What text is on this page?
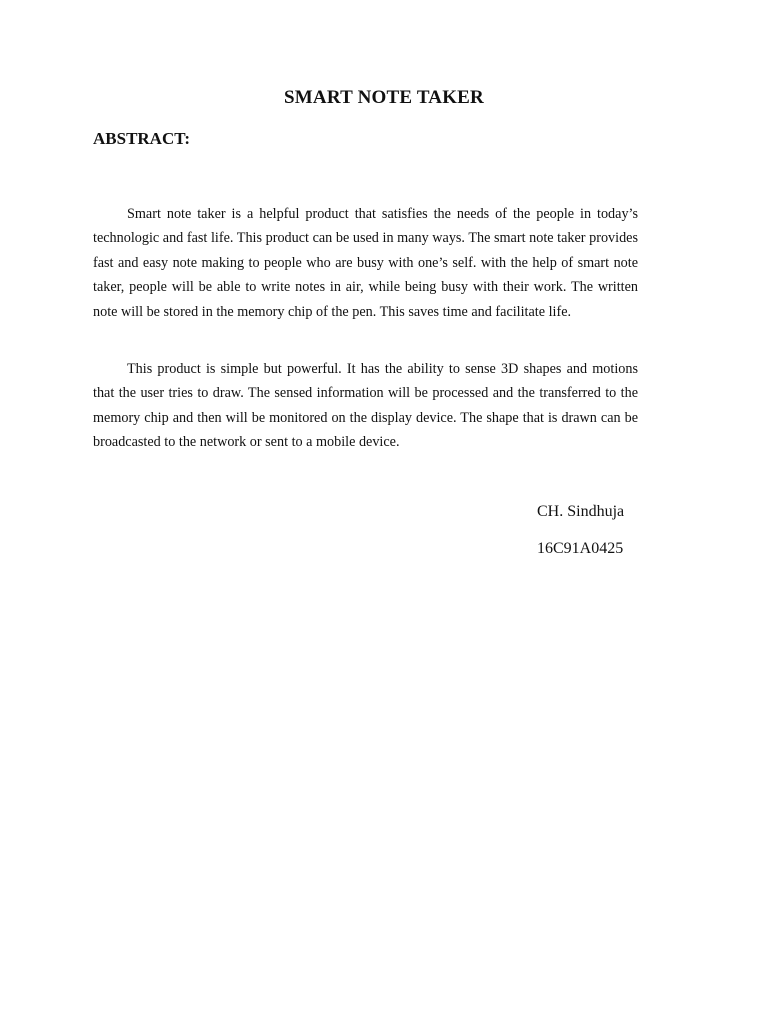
SMART NOTE TAKER
ABSTRACT:

Smart note taker is a helpful product that satisfies the needs of the people in today’s technologic and fast life. This product can be used in many ways. The smart note taker provides fast and easy note making to people who are busy with one’s self. with the help of smart note taker, people will be able to write notes in air, while being busy with their work. The written note will be stored in the memory chip of the pen. This saves time and facilitate life.

This product is simple but powerful. It has the ability to sense 3D shapes and motions that the user tries to draw. The sensed information will be processed and the transferred to the memory chip and then will be monitored on the display device. The shape that is drawn can be broadcasted to the network or sent to a mobile device.

CH. Sindhuja

16C91A0425
